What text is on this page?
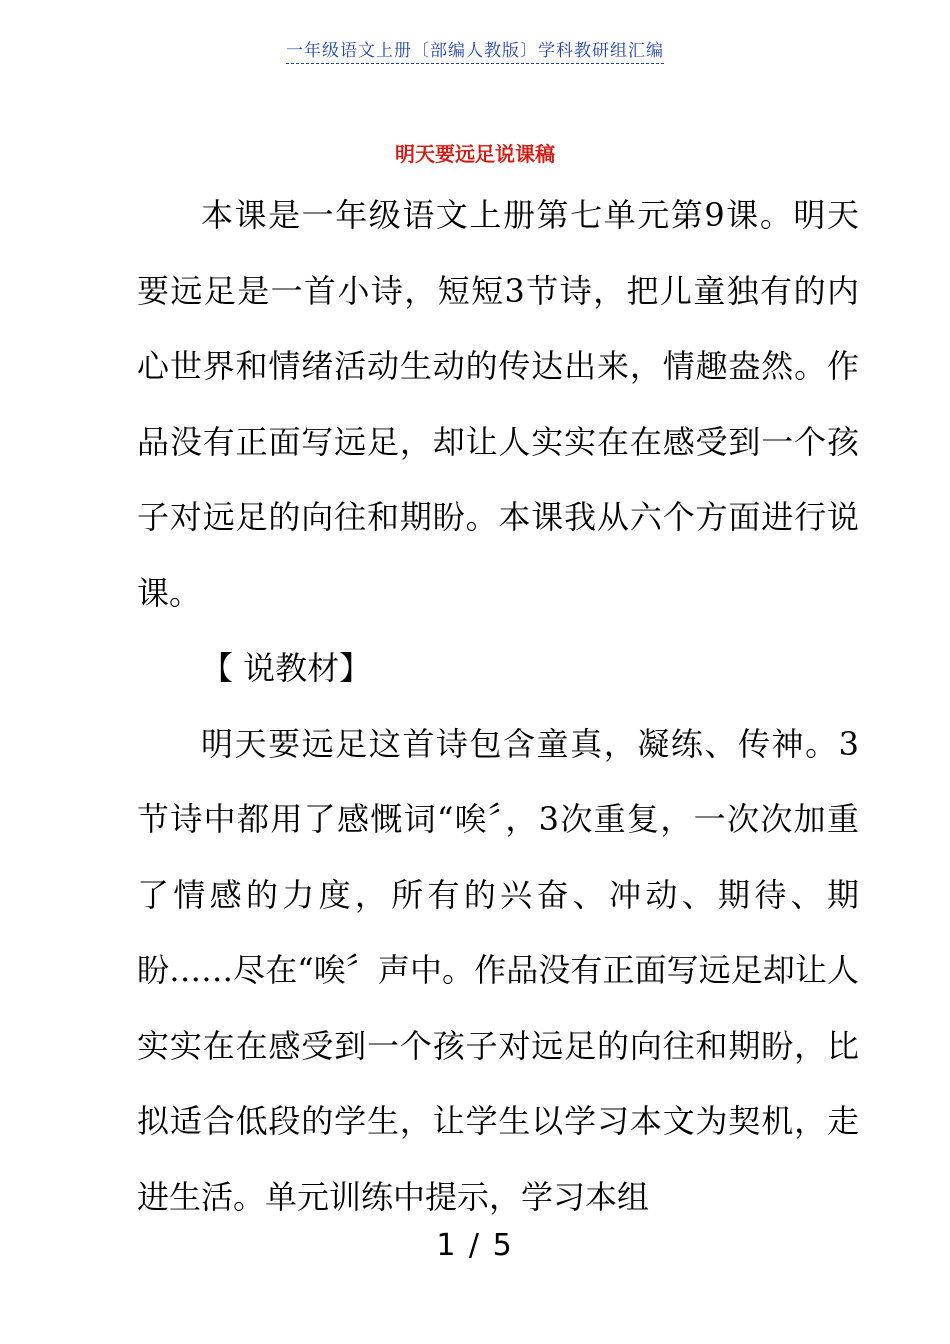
一年级语文上册〔部编人教版〕学科教研组汇编
明天要远足说课稿

本课是一年级语文上册第七单元第9课。明天要远足是一首小诗，短短3节诗，把儿童独有的内心世界和情绪活动生动的传达出来，情趣盎然。作品没有正面写远足，却让人实实在在感受到一个孩子对远足的向往和期盼。本课我从六个方面进行说课。

【 说教材】

明天要远足这首诗包含童真，凝练、传神。3节诗中都用了感慨词“唉〞，3次重复，一次次加重了情感的力度，所有的兴奋、冲动、期待、期盼……尽在“唉〞声中。作品没有正面写远足却让人实实在在感受到一个孩子对远足的向往和期盼，比拟适合低段的学生，让学生以学习本文为契机，走进生活。单元训练中提示，学习本组

1 / 5
